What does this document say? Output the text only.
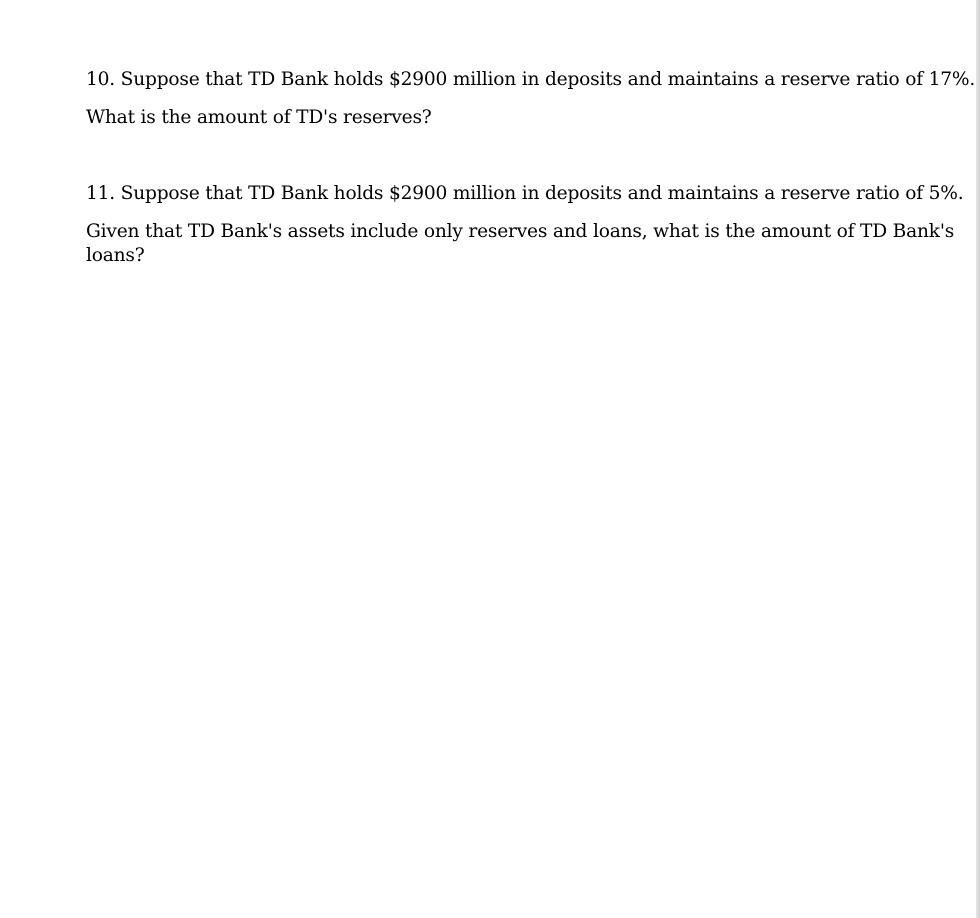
10. Suppose that TD Bank holds $2900 million in deposits and maintains a reserve ratio of 17%.
What is the amount of TD's reserves?
11. Suppose that TD Bank holds $2900 million in deposits and maintains a reserve ratio of 5%.
Given that TD Bank's assets include only reserves and loans, what is the amount of TD Bank's
loans?
